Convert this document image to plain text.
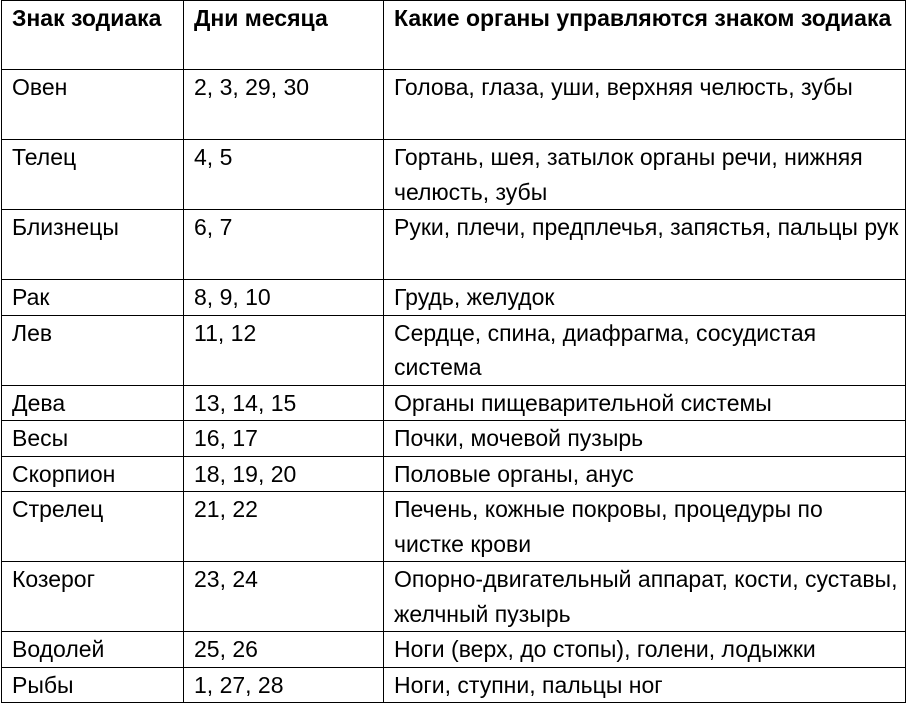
Знак зодиака	Дни месяца	Какие органы управляются знаком зодиака
Овен	2, 3, 29, 30	Голова, глаза, уши, верхняя челюсть, зубы
Телец	4, 5	Гортань, шея, затылок органы речи, нижняя челюсть, зубы
Близнецы	6, 7	Руки, плечи, предплечья, запястья, пальцы рук
Рак	8, 9, 10	Грудь, желудок
Лев	11, 12	Сердце, спина, диафрагма, сосудистая система
Дева	13, 14, 15	Органы пищеварительной системы
Весы	16, 17	Почки, мочевой пузырь
Скорпион	18, 19, 20	Половые органы, анус
Стрелец	21, 22	Печень, кожные покровы, процедуры по чистке крови
Козерог	23, 24	Опорно-двигательный аппарат, кости, суставы, желчный пузырь
Водолей	25, 26	Ноги (верх, до стопы), голени, лодыжки
Рыбы	1, 27, 28	Ноги, ступни, пальцы ног
